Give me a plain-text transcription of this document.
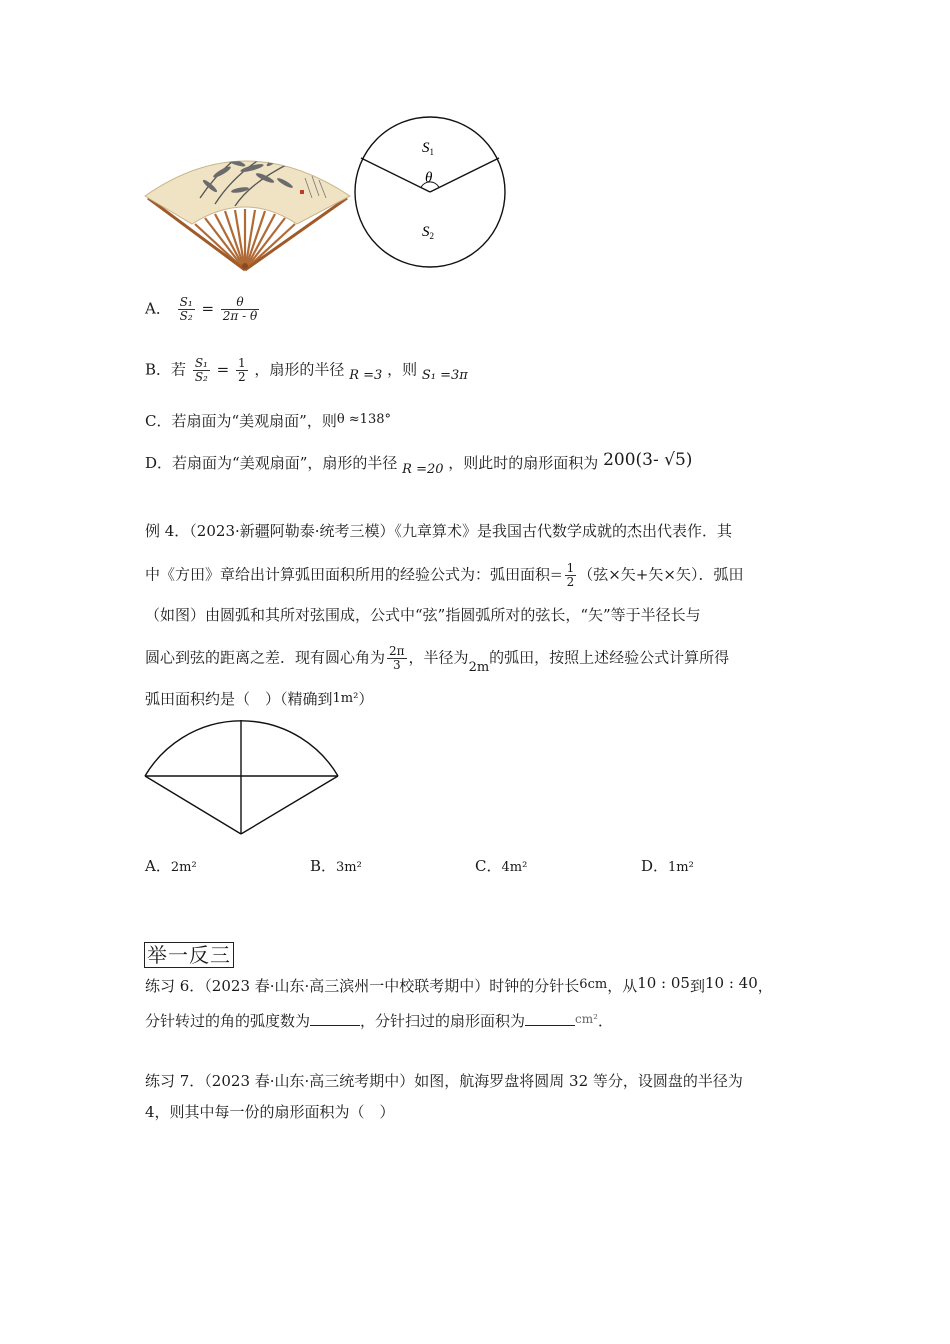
$S_1$
θ
$S_2$
A． $\frac{\text{S₁}}{\text{S₂}} = \frac{\theta}{2\pi - \theta}$
B．若 $\frac{\text{S₁}}{\text{S₂}} = \frac{1}{2}$ ，扇形的半径 R =3 ，则 S₁ =3π
C．若扇面为“美观扇面”，则θ ≈138°
D．若扇面为“美观扇面”，扇形的半径 R =20 ，则此时的扇形面积为 200(3- √5)
例 4．（2023·新疆阿勒泰·统考三模）《九章算术》是我国古代数学成就的杰出代表作．其
中《方田》章给出计算弧田面积所用的经验公式为：弧田面积= $\frac{1}{2}$ （弦×矢+矢×矢）．弧田
（如图）由圆弧和其所对弦围成，公式中“弦”指圆弧所对的弦长，“矢”等于半径长与
圆心到弦的距离之差．现有圆心角为 $\frac{2\pi}{3}$ ，半径为2m的弧田，按照上述经验公式计算所得
弧田面积约是（　）（精确到1m²）
A．2m²	B．3m²	C．4m²	D．1m²
举一反三
练习 6．（2023 春·山东·高三滨州一中校联考期中）时钟的分针长6cm，从10 : 05到10 : 40，
分针转过的角的弧度数为	，分针扫过的扇形面积为	$^{cm^2}$．
练习 7．（2023 春·山东·高三统考期中）如图，航海罗盘将圆周 32 等分，设圆盘的半径为
4，则其中每一份的扇形面积为（　）
